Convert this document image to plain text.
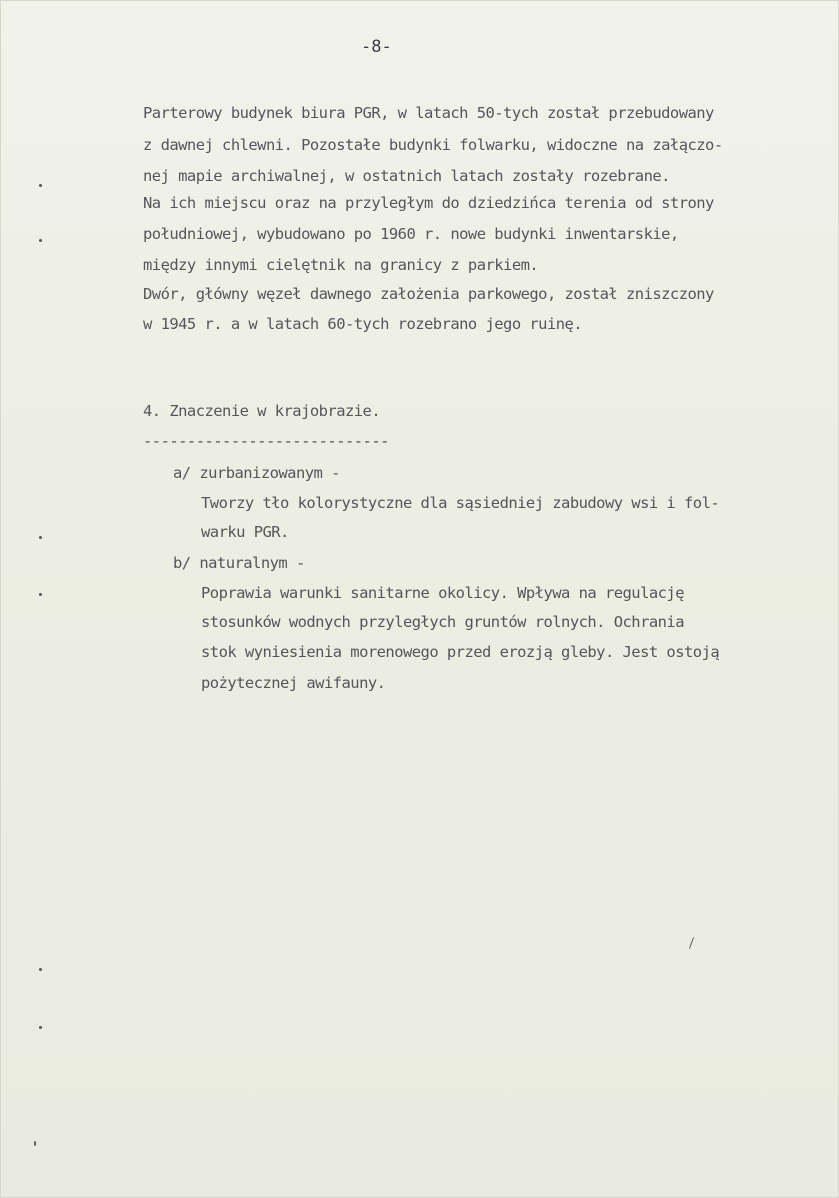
-8-
Parterowy budynek biura PGR, w latach 50-tych został przebudowany
z dawnej chlewni. Pozostałe budynki folwarku, widoczne na załączo-
nej mapie archiwalnej, w ostatnich latach zostały rozebrane.
Na ich miejscu oraz na przyległym do dziedzińca terenia od strony
południowej, wybudowano po 1960 r. nowe budynki inwentarskie,
między innymi cielętnik na granicy z parkiem.
Dwór, główny węzeł dawnego założenia parkowego, został zniszczony
w 1945 r. a w latach 60-tych rozebrano jego ruinę.
4. Znaczenie w krajobrazie.
----------------------------
a/ zurbanizowanym -
Tworzy tło kolorystyczne dla sąsiedniej zabudowy wsi i fol-
warku PGR.
b/ naturalnym -
Poprawia warunki sanitarne okolicy. Wpływa na regulację
stosunków wodnych przyległych gruntów rolnych. Ochrania
stok wyniesienia morenowego przed erozją gleby. Jest ostoją
pożytecznej awifauny.
